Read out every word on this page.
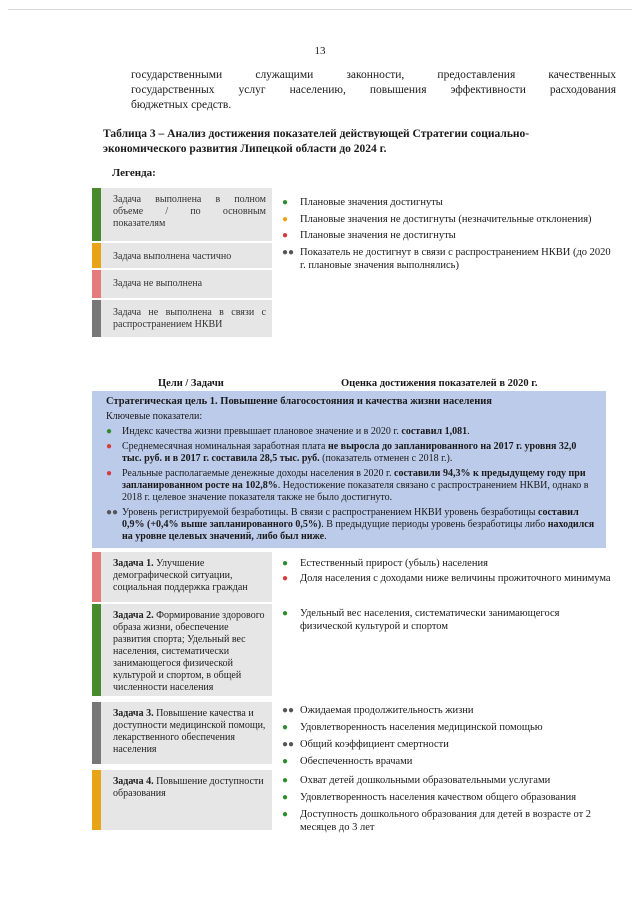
13
государственными служащими законности, предоставления качественных
государственных услуг населению, повышения эффективности расходования
бюджетных средств.
Таблица 3 – Анализ достижения показателей действующей Стратегии социально-
экономического развития Липецкой области до 2024 г.
Легенда:
Задача выполнена в полном
объеме / по основным
показателям
Задача выполнена частично
Задача не выполнена
Задача не выполнена в связи с
распространением НКВИ
●	Плановые значения достигнуты
●	Плановые значения не достигнуты (незначительные отклонения)
●	Плановые значения не достигнуты
●● Показатель не достигнут в связи с распространением НКВИ (до 2020 г. плановые значения выполнялись)
Цели / Задачи	Оценка достижения показателей в 2020 г.
Стратегическая цель 1. Повышение благосостояния и качества жизни населения
Ключевые показатели:
● Индекс качества жизни превышает плановое значение и в 2020 г. составил 1,081.
● Среднемесячная номинальная заработная плата не выросла до запланированного на 2017 г. уровня 32,0 тыс. руб. и в 2017 г. составила 28,5 тыс. руб. (показатель отменен с 2018 г.).
● Реальные располагаемые денежные доходы населения в 2020 г. составили 94,3% к предыдущему году при запланированном росте на 102,8%. Недостижение показателя связано с распространением НКВИ, однако в 2018 г. целевое значение показателя также не было достигнуто.
●● Уровень регистрируемой безработицы. В связи с распространением НКВИ уровень безработицы составил 0,9% (+0,4% выше запланированного 0,5%). В предыдущие периоды уровень безработицы либо находился на уровне целевых значений, либо был ниже.
Задача 1. Улучшение демографической ситуации, социальная поддержка граждан
●	Естественный прирост (убыль) населения
●	Доля населения с доходами ниже величины прожиточного минимума
Задача 2. Формирование здорового образа жизни, обеспечение развития спорта; Удельный вес населения, систематически занимающегося физической культурой и спортом, в общей численности населения
●	Удельный вес населения, систематически занимающегося физической культурой и спортом
Задача 3. Повышение качества и доступности медицинской помощи, лекарственного обеспечения населения
●● Ожидаемая продолжительность жизни
●	Удовлетворенность населения медицинской помощью
●● Общий коэффициент смертности
●	Обеспеченность врачами
Задача 4. Повышение доступности образования
●	Охват детей дошкольными образовательными услугами
●	Удовлетворенность населения качеством общего образования
●	Доступность дошкольного образования для детей в возрасте от 2 месяцев до 3 лет
